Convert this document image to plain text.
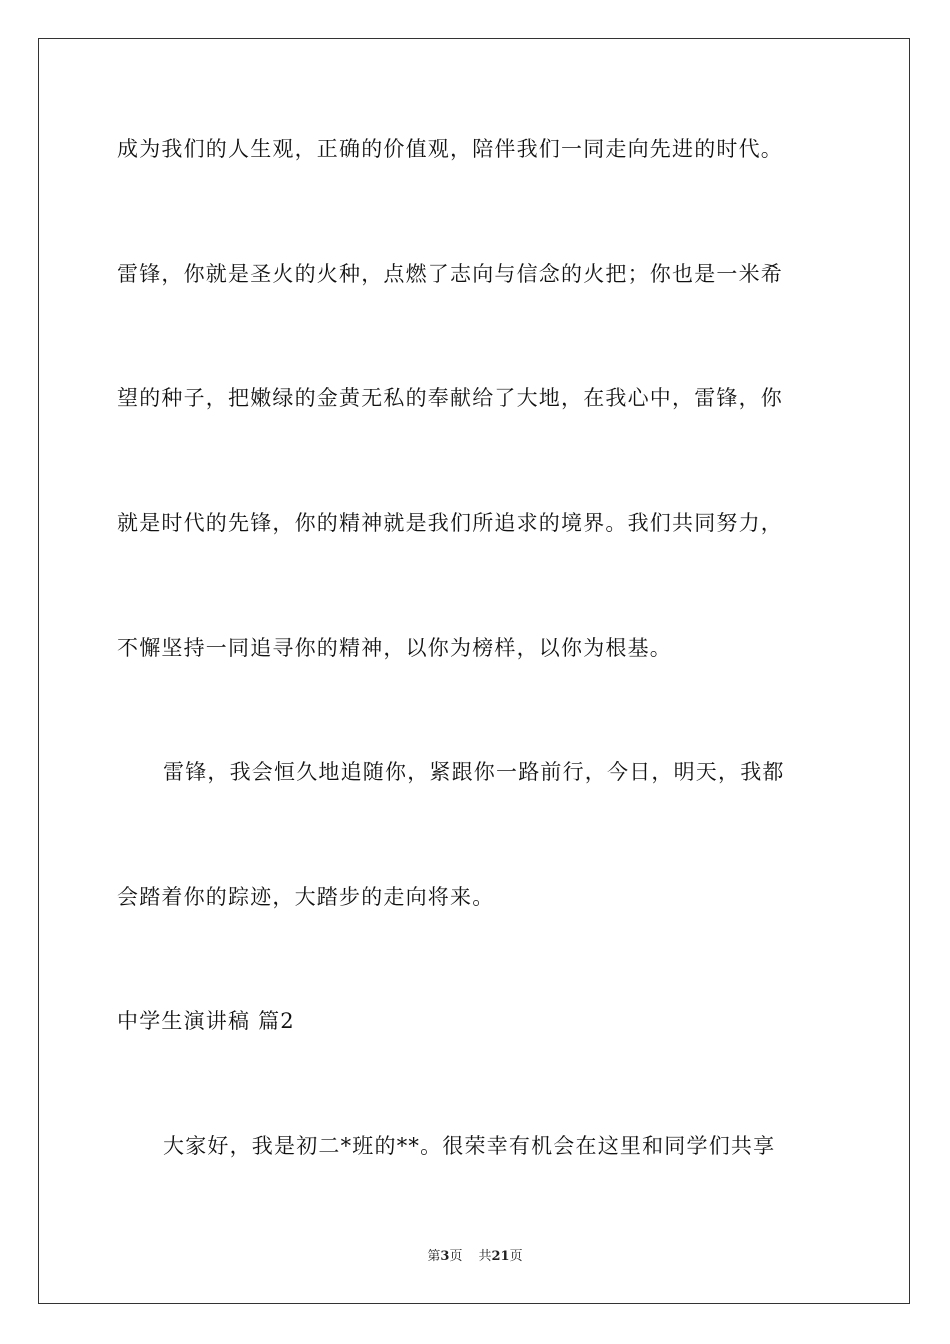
成为我们的人生观，正确的价值观，陪伴我们一同走向先进的时代。
雷锋，你就是圣火的火种，点燃了志向与信念的火把；你也是一米希
望的种子，把嫩绿的金黄无私的奉献给了大地，在我心中，雷锋，你
就是时代的先锋，你的精神就是我们所追求的境界。我们共同努力，
不懈坚持一同追寻你的精神，以你为榜样，以你为根基。
雷锋，我会恒久地追随你，紧跟你一路前行，今日，明天，我都
会踏着你的踪迹，大踏步的走向将来。
中学生演讲稿 篇2
大家好，我是初二*班的**。很荣幸有机会在这里和同学们共享
第3页 共21页
